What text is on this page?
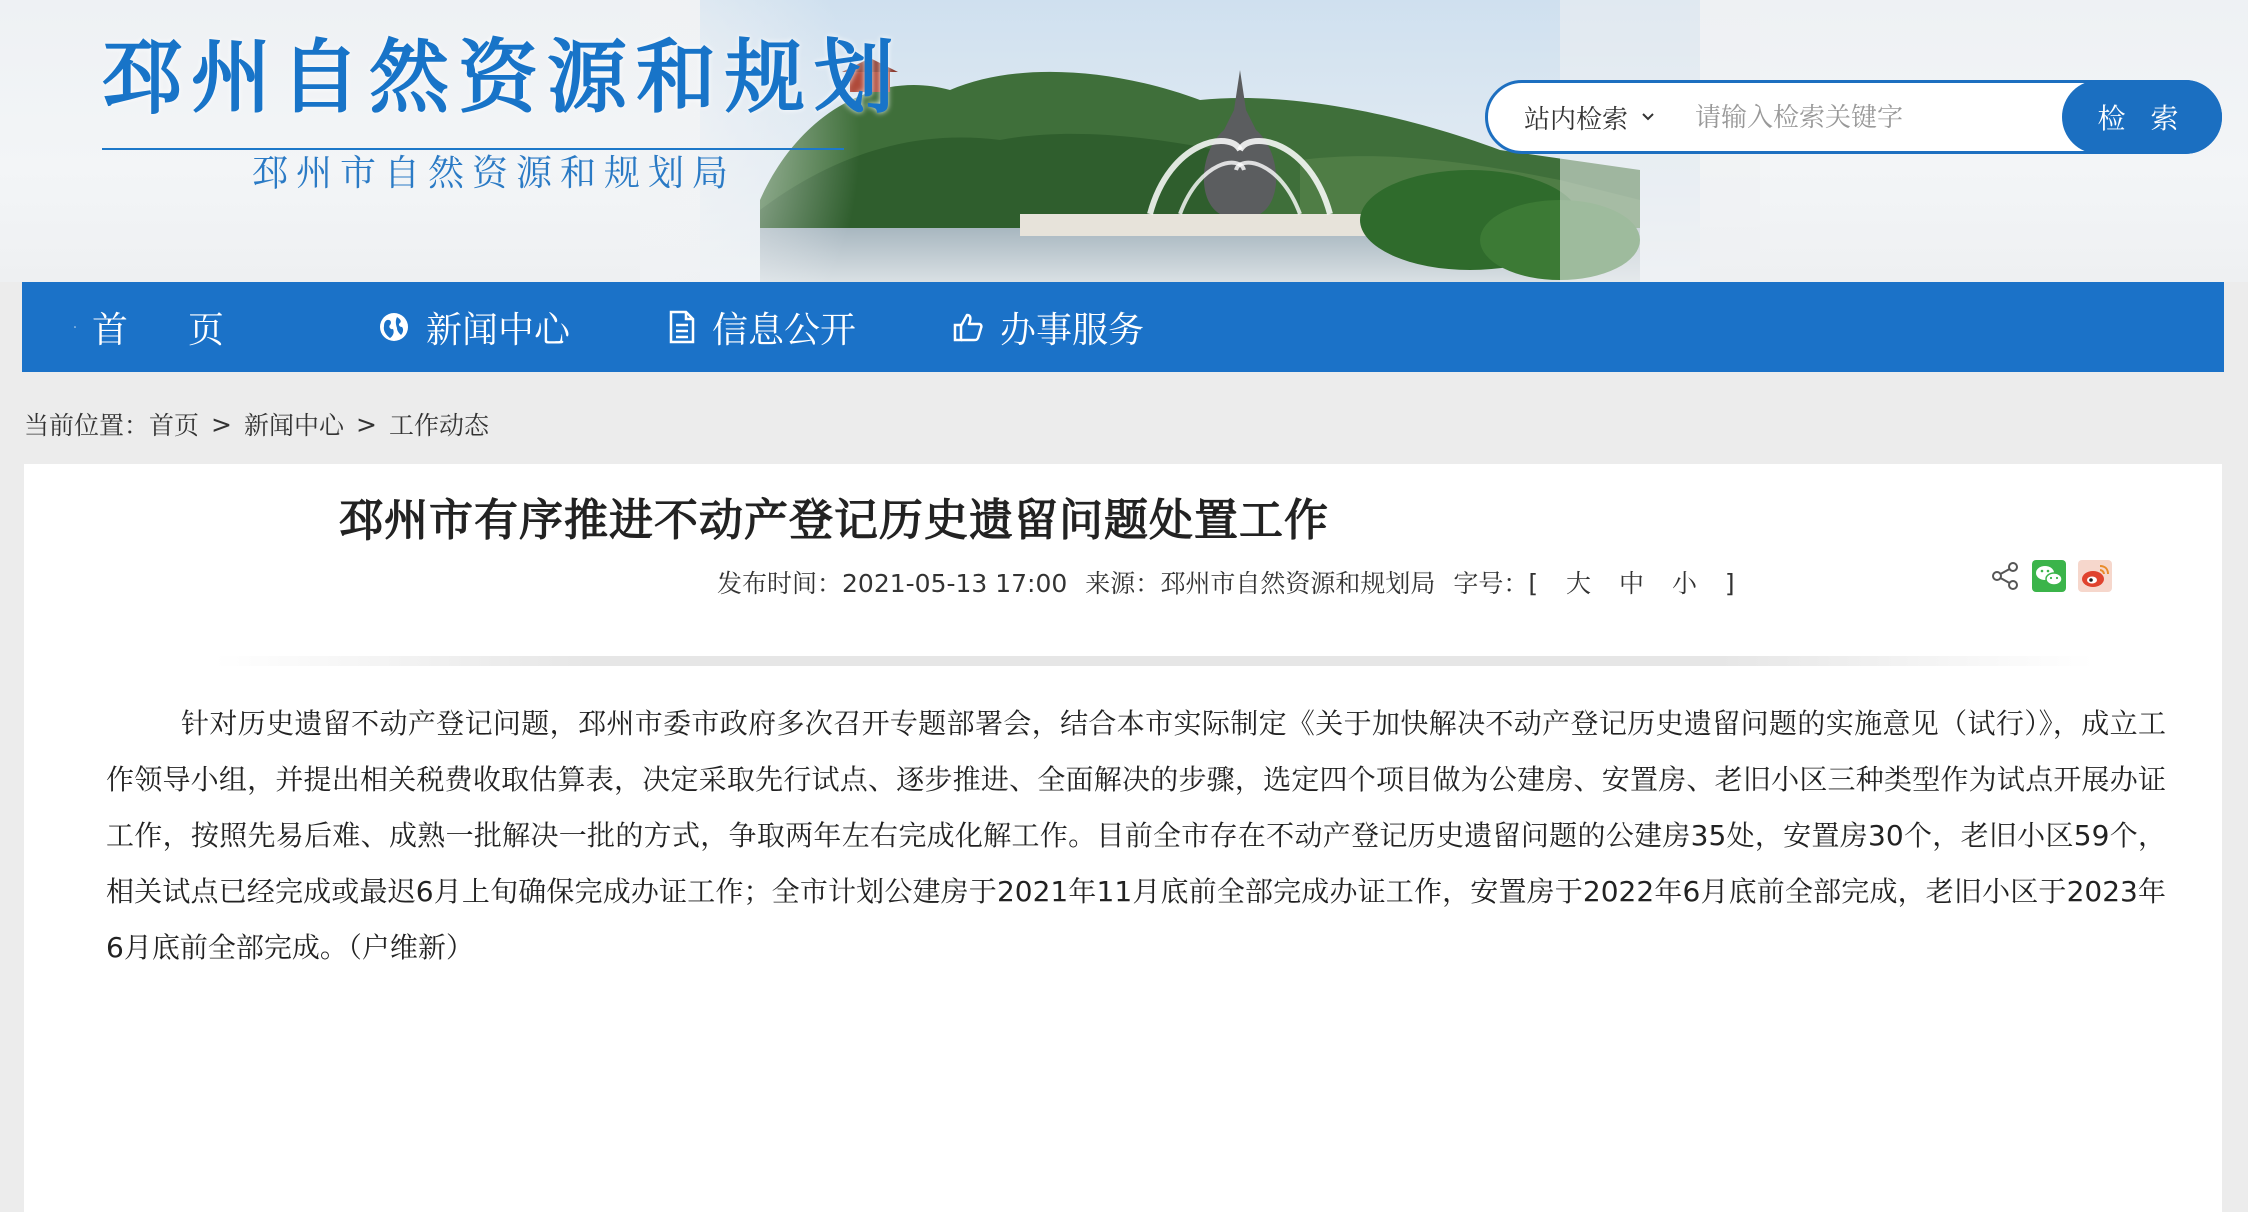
邳州自然资源和规划
邳州市自然资源和规划局
站内检索
请输入检索关键字	检 索
首页	新闻中心	信息公开	办事服务
当前位置： 首页 > 新闻中心 > 工作动态
邳州市有序推进不动产登记历史遗留问题处置工作
发布时间：2021-05-13 17:00 来源：邳州市自然资源和规划局 字号：[ 大 中 小 ]

针对历史遗留不动产登记问题，邳州市委市政府多次召开专题部署会，结合本市实际制定《关于加快解决不动产登记历史遗留问题的实施意见（试行）》，成立工作领导小组，并提出相关税费收取估算表，决定采取先行试点、逐步推进、全面解决的步骤，选定四个项目做为公建房、安置房、老旧小区三种类型作为试点开展办证工作，按照先易后难、成熟一批解决一批的方式，争取两年左右完成化解工作。目前全市存在不动产登记历史遗留问题的公建房35处，安置房30个，老旧小区59个，相关试点已经完成或最迟6月上旬确保完成办证工作；全市计划公建房于2021年11月底前全部完成办证工作，安置房于2022年6月底前全部完成，老旧小区于2023年6月底前全部完成。（户维新）
